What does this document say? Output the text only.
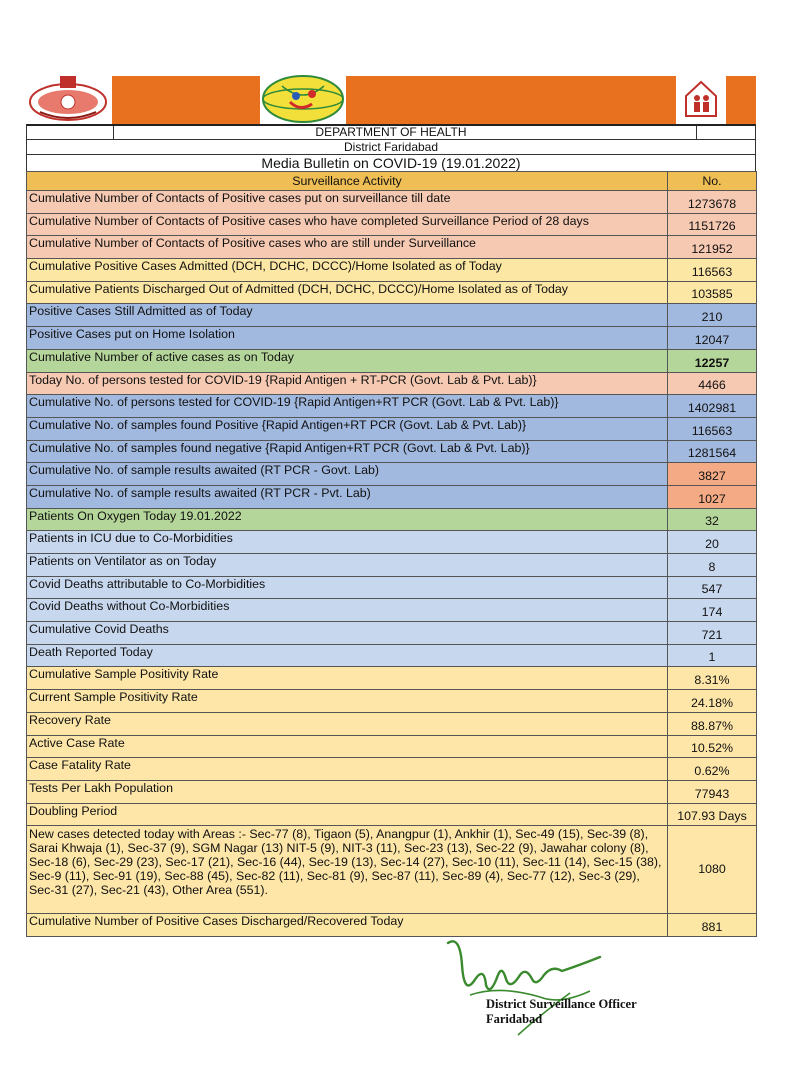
DEPARTMENT OF HEALTH
District Faridabad
Media Bulletin on COVID-19 (19.01.2022)
Surveillance Activity	No.
Cumulative Number of Contacts of Positive cases put on surveillance till date	1273678
Cumulative Number of Contacts of Positive cases who have completed Surveillance Period of 28 days	1151726
Cumulative Number of Contacts of Positive cases who are still under Surveillance	121952
Cumulative Positive Cases Admitted (DCH, DCHC, DCCC)/Home Isolated as of Today	116563
Cumulative Patients Discharged Out of Admitted (DCH, DCHC, DCCC)/Home Isolated as of Today	103585
Positive Cases Still Admitted as of Today	210
Positive Cases put on Home Isolation	12047
Cumulative Number of active cases as on Today	12257
Today No. of persons tested for COVID-19 {Rapid Antigen + RT-PCR (Govt. Lab & Pvt. Lab)}	4466
Cumulative No. of persons tested for COVID-19 {Rapid Antigen+RT PCR (Govt. Lab & Pvt. Lab)}	1402981
Cumulative No. of samples found Positive {Rapid Antigen+RT PCR (Govt. Lab & Pvt. Lab)}	116563
Cumulative No. of samples found negative {Rapid Antigen+RT PCR (Govt. Lab & Pvt. Lab)}	1281564
Cumulative No. of sample results awaited (RT PCR - Govt. Lab)	3827
Cumulative No. of sample results awaited (RT PCR - Pvt. Lab)	1027
Patients On Oxygen Today 19.01.2022	32
Patients in ICU due to Co-Morbidities	20
Patients on Ventilator as on Today	8
Covid Deaths attributable to Co-Morbidities	547
Covid Deaths without Co-Morbidities	174
Cumulative Covid Deaths	721
Death Reported Today	1
Cumulative Sample Positivity Rate	8.31%
Current Sample Positivity Rate	24.18%
Recovery Rate	88.87%
Active Case Rate	10.52%
Case Fatality Rate	0.62%
Tests Per Lakh Population	77943
Doubling Period	107.93 Days
New cases detected today with Areas :- Sec-77 (8), Tigaon (5), Anangpur (1), Ankhir (1), Sec-49 (15), Sec-39 (8), Sarai Khwaja (1), Sec-37 (9), SGM Nagar (13) NIT-5 (9), NIT-3 (11), Sec-23 (13), Sec-22 (9), Jawahar colony (8), Sec-18 (6), Sec-29 (23), Sec-17 (21), Sec-16 (44), Sec-19 (13), Sec-14 (27), Sec-10 (11), Sec-11 (14), Sec-15 (38), Sec-9 (11), Sec-91 (19), Sec-88 (45), Sec-82 (11), Sec-81 (9), Sec-87 (11), Sec-89 (4), Sec-77 (12), Sec-3 (29), Sec-31 (27), Sec-21 (43), Other Area (551).	1080
Cumulative Number of Positive Cases Discharged/Recovered Today	881
District Surveillance Officer
Faridabad
